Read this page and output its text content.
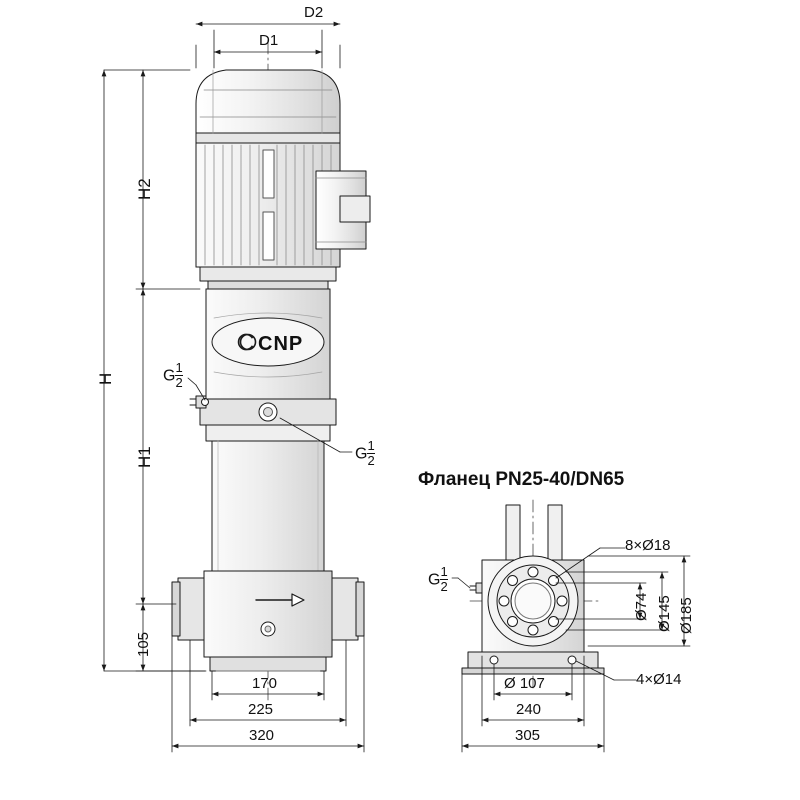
D1
D2
H
H2
H1
105
170
225
320
G $\frac{1}{2}$
G $\frac{1}{2}$
G $\frac{1}{2}$
Фланец PN25-40/DN65
8×Ø18
Ø74 Ø145 Ø185
Ø 107	4×Ø14
240
305
CNP
